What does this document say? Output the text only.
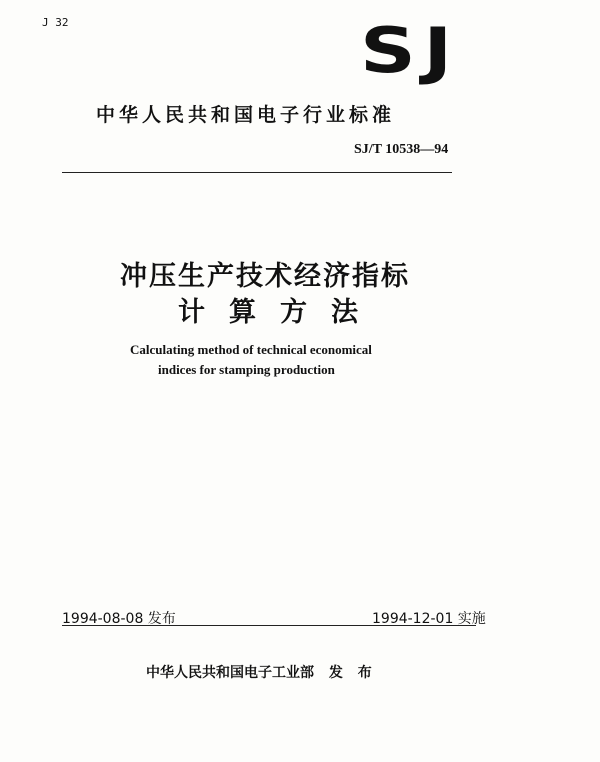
J 32	SJ
中华人民共和国电子行业标准
SJ/T 10538—94
冲压生产技术经济指标
计算方法
Calculating method of technical economical
indices for stamping production
1994-08-08 发布	1994-12-01 实施
中华人民共和国电子工业部 发 布
